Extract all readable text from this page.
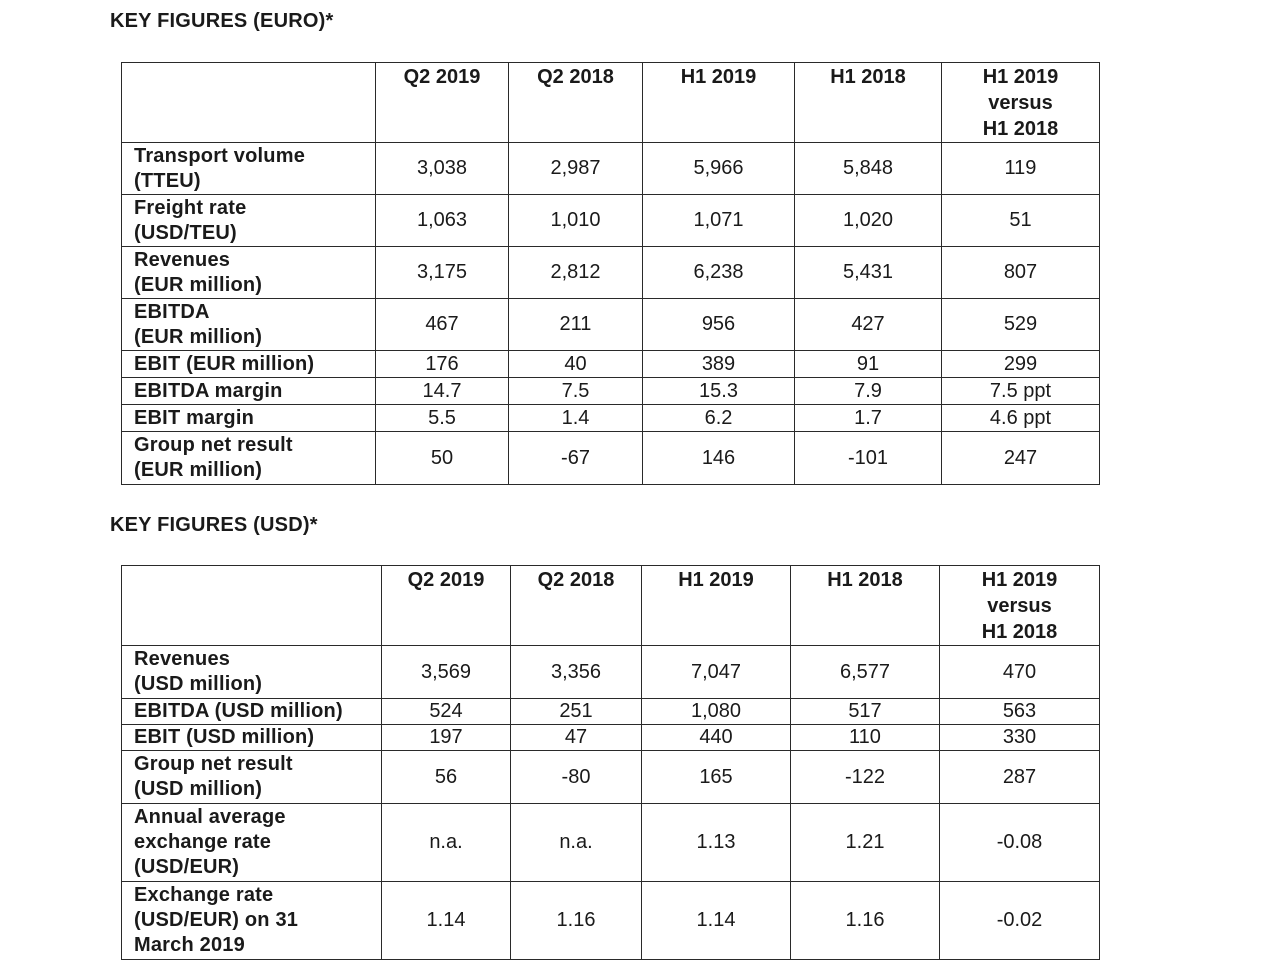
KEY FIGURES (EURO)*
	Q2 2019	Q2 2018	H1 2019	H1 2018	H1 2019
versus
H1 2018
Transport volume
(TTEU)	3,038	2,987	5,966	5,848	119
Freight rate
(USD/TEU)	1,063	1,010	1,071	1,020	51
Revenues
(EUR million)	3,175	2,812	6,238	5,431	807
EBITDA
(EUR million)	467	211	956	427	529
EBIT (EUR million)	176	40	389	91	299
EBITDA margin	14.7	7.5	15.3	7.9	7.5 ppt
EBIT margin	5.5	1.4	6.2	1.7	4.6 ppt
Group net result
(EUR million)	50	-67	146	-101	247
KEY FIGURES (USD)*
	Q2 2019	Q2 2018	H1 2019	H1 2018	H1 2019
versus
H1 2018
Revenues
(USD million)	3,569	3,356	7,047	6,577	470
EBITDA (USD million)	524	251	1,080	517	563
EBIT (USD million)	197	47	440	110	330
Group net result
(USD million)	56	-80	165	-122	287
Annual average
exchange rate
(USD/EUR)	n.a.	n.a.	1.13	1.21	-0.08
Exchange rate
(USD/EUR) on 31
March 2019	1.14	1.16	1.14	1.16	-0.02
